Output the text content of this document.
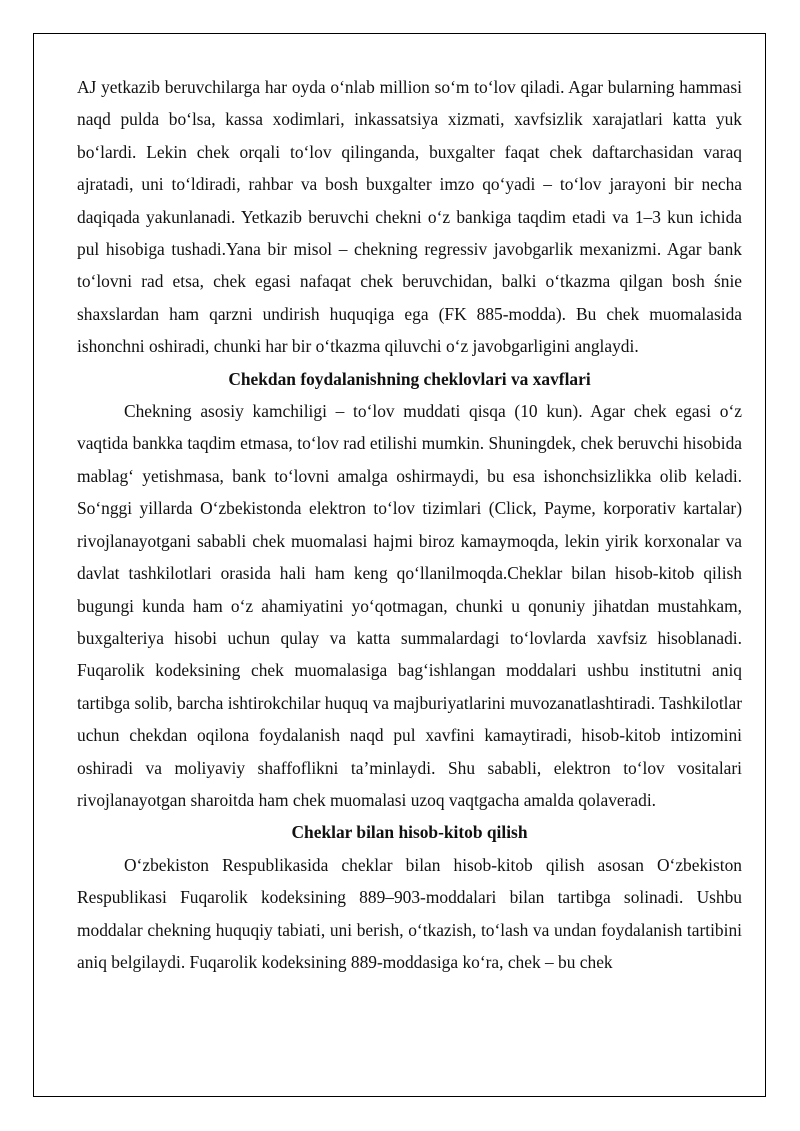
AJ yetkazib beruvchilarga har oyda o‘nlab million so‘m to‘lov qiladi. Agar bularning hammasi naqd pulda bo‘lsa, kassa xodimlari, inkassatsiya xizmati, xavfsizlik xarajatlari katta yuk bo‘lardi. Lekin chek orqali to‘lov qilinganda, buxgalter faqat chek daftarchasidan varaq ajratadi, uni to‘ldiradi, rahbar va bosh buxgalter imzo qo‘yadi – to‘lov jarayoni bir necha daqiqada yakunlanadi. Yetkazib beruvchi chekni o‘z bankiga taqdim etadi va 1–3 kun ichida pul hisobiga tushadi.Yana bir misol – chekning regressiv javobgarlik mexanizmi. Agar bank to‘lovni rad etsa, chek egasi nafaqat chek beruvchidan, balki o‘tkazma qilgan bosh śnie shaxslardan ham qarzni undirish huquqiga ega (FK 885-modda). Bu chek muomalasida ishonchni oshiradi, chunki har bir o‘tkazma qiluvchi o‘z javobgarligini anglaydi.

Chekdan foydalanishning cheklovlari va xavflari

Chekning asosiy kamchiligi – to‘lov muddati qisqa (10 kun). Agar chek egasi o‘z vaqtida bankka taqdim etmasa, to‘lov rad etilishi mumkin. Shuningdek, chek beruvchi hisobida mablag‘ yetishmasa, bank to‘lovni amalga oshirmaydi, bu esa ishonchsizlikka olib keladi. So‘nggi yillarda O‘zbekistonda elektron to‘lov tizimlari (Click, Payme, korporativ kartalar) rivojlanayotgani sababli chek muomalasi hajmi biroz kamaymoqda, lekin yirik korxonalar va davlat tashkilotlari orasida hali ham keng qo‘llanilmoqda.Cheklar bilan hisob-kitob qilish bugungi kunda ham o‘z ahamiyatini yo‘qotmagan, chunki u qonuniy jihatdan mustahkam, buxgalteriya hisobi uchun qulay va katta summalardagi to‘lovlarda xavfsiz hisoblanadi. Fuqarolik kodeksining chek muomalasiga bag‘ishlangan moddalari ushbu institutni aniq tartibga solib, barcha ishtirokchilar huquq va majburiyatlarini muvozanatlashtiradi. Tashkilotlar uchun chekdan oqilona foydalanish naqd pul xavfini kamaytiradi, hisob-kitob intizomini oshiradi va moliyaviy shaffoflikni ta’minlaydi. Shu sababli, elektron to‘lov vositalari rivojlanayotgan sharoitda ham chek muomalasi uzoq vaqtgacha amalda qolaveradi.

Cheklar bilan hisob-kitob qilish

O‘zbekiston Respublikasida cheklar bilan hisob-kitob qilish asosan O‘zbekiston Respublikasi Fuqarolik kodeksining 889–903-moddalari bilan tartibga solinadi. Ushbu moddalar chekning huquqiy tabiati, uni berish, o‘tkazish, to‘lash va undan foydalanish tartibini aniq belgilaydi. Fuqarolik kodeksining 889-moddasiga ko‘ra, chek – bu chek
